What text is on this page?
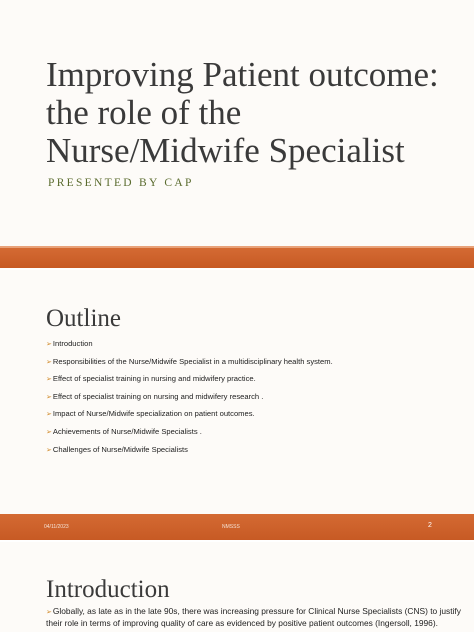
Improving Patient outcome: the role of the Nurse/Midwife Specialist
PRESENTED BY CAP
Outline
➢Introduction
➢Responsibilities of the Nurse/Midwife Specialist in a multidisciplinary health system.
➢Effect of specialist training in nursing and midwifery practice.
➢Effect of specialist training on nursing and midwifery research .
➢Impact of Nurse/Midwife specialization on patient outcomes.
➢Achievements of Nurse/Midwife Specialists .
➢Challenges of Nurse/Midwife Specialists
04/11/2023	NMSSS	2
Introduction

➢Globally, as late as in the late 90s, there was increasing pressure for Clinical Nurse Specialists (CNS) to justify their role in terms of improving quality of care as evidenced by positive patient outcomes (Ingersoll, 1996).
